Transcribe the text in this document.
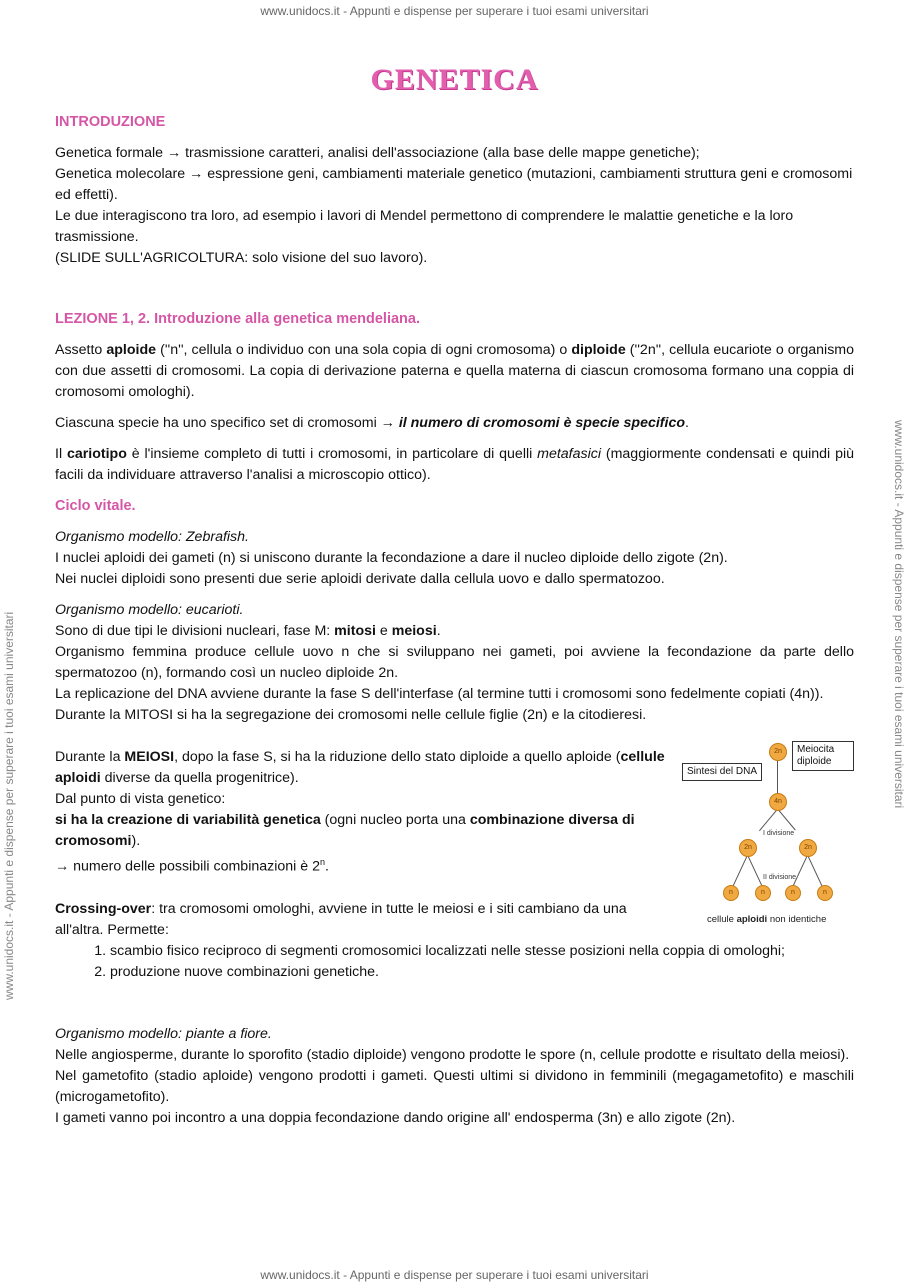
www.unidocs.it - Appunti e dispense per superare i tuoi esami universitari
www.unidocs.it - Appunti e dispense per superare i tuoi esami universitari	www.unidocs.it - Appunti e dispense per superare i tuoi esami universitari
GENETICA

INTRODUZIONE

Genetica formale → trasmissione caratteri, analisi dell'associazione (alla base delle mappe genetiche);

Genetica molecolare → espressione geni, cambiamenti materiale genetico (mutazioni, cambiamenti struttura geni e cromosomi ed effetti).

Le due interagiscono tra loro, ad esempio i lavori di Mendel permettono di comprendere le malattie genetiche e la loro trasmissione.

(SLIDE SULL'AGRICOLTURA: solo visione del suo lavoro).

LEZIONE 1, 2. Introduzione alla genetica mendeliana.

Assetto aploide (''n'', cellula o individuo con una sola copia di ogni cromosoma) o diploide (''2n'', cellula eucariote o organismo con due assetti di cromosomi. La copia di derivazione paterna e quella materna di ciascun cromosoma formano una coppia di cromosomi omologhi).

Ciascuna specie ha uno specifico set di cromosomi → il numero di cromosomi è specie specifico.

Il cariotipo è l'insieme completo di tutti i cromosomi, in particolare di quelli metafasici (maggiormente condensati e quindi più facili da individuare attraverso l'analisi a microscopio ottico).

Ciclo vitale.

Organismo modello: Zebrafish.

I nuclei aploidi dei gameti (n) si uniscono durante la fecondazione a dare il nucleo diploide dello zigote (2n).

Nei nuclei diploidi sono presenti due serie aploidi derivate dalla cellula uovo e dallo spermatozoo.

Organismo modello: eucarioti.

Sono di due tipi le divisioni nucleari, fase M: mitosi e meiosi.

Organismo femmina produce cellule uovo n che si sviluppano nei gameti, poi avviene la fecondazione da parte dello spermatozoo (n), formando così un nucleo diploide 2n.

La replicazione del DNA avviene durante la fase S dell'interfase (al termine tutti i cromosomi sono fedelmente copiati (4n)).

Durante la MITOSI si ha la segregazione dei cromosomi nelle cellule figlie (2n) e la citodieresi.

Durante la MEIOSI, dopo la fase S, si ha la riduzione dello stato diploide a quello aploide (cellule aploidi diverse da quella progenitrice).

Dal punto di vista genetico:

si ha la creazione di variabilità genetica (ogni nucleo porta una combinazione diversa di cromosomi).

→ numero delle possibili combinazioni è 2$^n$.

Crossing-over: tra cromosomi omologhi, avviene in tutte le meiosi e i siti cambiano da una all'altra. Permette:

Sintesi del DNA
Meiocita diploide
2n
4n
I divisione
2n	2n
II divisione
n	n	n	n
cellule aploidi non identiche
1. scambio fisico reciproco di segmenti cromosomici localizzati nelle stesse posizioni nella coppia di omologhi;
2. produzione nuove combinazioni genetiche.

Organismo modello: piante a fiore.

Nelle angiosperme, durante lo sporofito (stadio diploide) vengono prodotte le spore (n, cellule prodotte e risultato della meiosi).

Nel gametofito (stadio aploide) vengono prodotti i gameti. Questi ultimi si dividono in femminili (megagametofito) e maschili (microgametofito).

I gameti vanno poi incontro a una doppia fecondazione dando origine all' endosperma (3n) e allo zigote (2n).

www.unidocs.it - Appunti e dispense per superare i tuoi esami universitari
